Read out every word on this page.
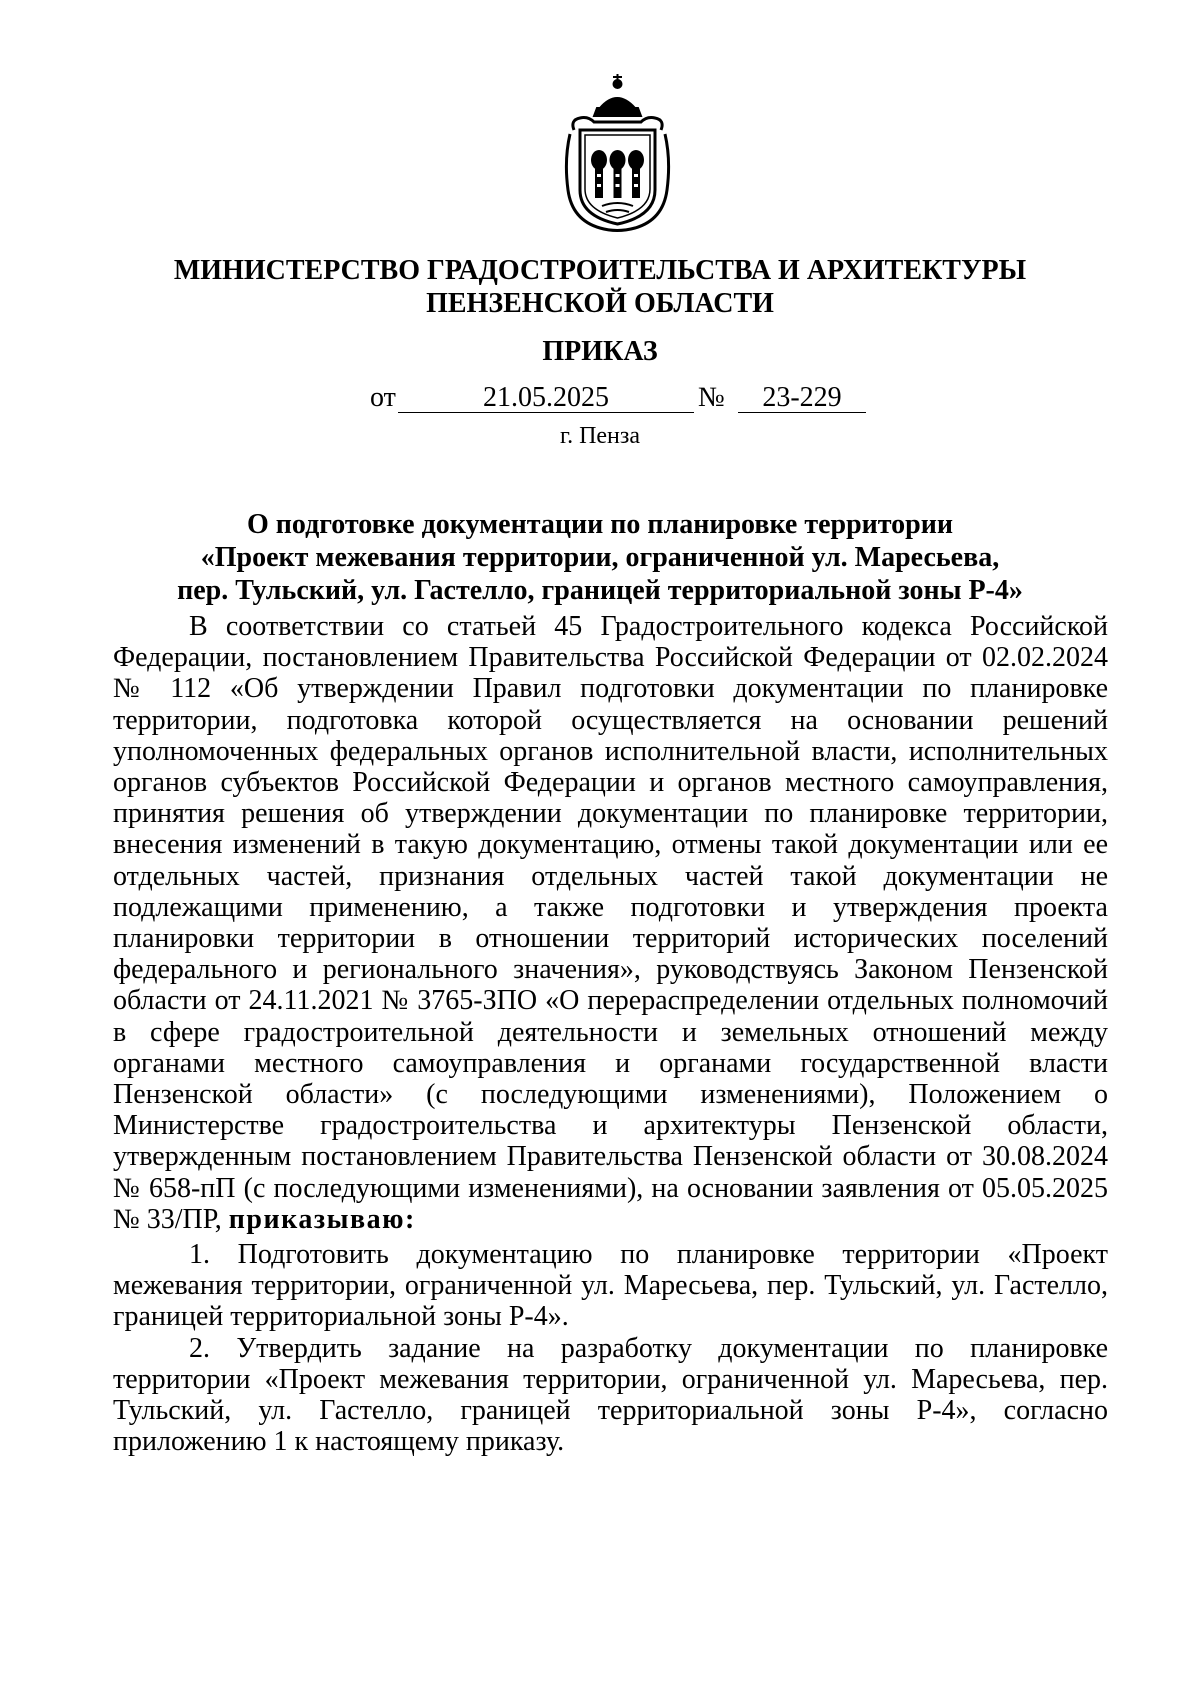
МИНИСТЕРСТВО ГРАДОСТРОИТЕЛЬСТВА И АРХИТЕКТУРЫ
ПЕНЗЕНСКОЙ ОБЛАСТИ
ПРИКАЗ
от	21.05.2025	№	23-229
г. Пенза
О подготовке документации по планировке территории
«Проект межевания территории, ограниченной ул. Маресьева,
пер. Тульский, ул. Гастелло, границей территориальной зоны Р-4»

В соответствии со статьей 45 Градостроительного кодекса Российской Федерации, постановлением Правительства Российской Федерации от 02.02.2024 № 112 «Об утверждении Правил подготовки документации по планировке территории, подготовка которой осуществляется на основании решений уполномоченных федеральных органов исполнительной власти, исполнительных органов субъектов Российской Федерации и органов местного самоуправления, принятия решения об утверждении документации по планировке территории, внесения изменений в такую документацию, отмены такой документации или ее отдельных частей, признания отдельных частей такой документации не подлежащими применению, а также подготовки и утверждения проекта планировки территории в отношении территорий исторических поселений федерального и регионального значения», руководствуясь Законом Пензенской области от 24.11.2021 № 3765-ЗПО «О перераспределении отдельных полномочий в сфере градостроительной деятельности и земельных отношений между органами местного самоуправления и органами государственной власти Пензенской области» (с последующими изменениями), Положением о Министерстве градостроительства и архитектуры Пензенской области, утвержденным постановлением Правительства Пензенской области от 30.08.2024 № 658-пП (с последующими изменениями), на основании заявления от 05.05.2025 № 33/ПР, приказываю:

1. Подготовить документацию по планировке территории «Проект межевания территории, ограниченной ул. Маресьева, пер. Тульский, ул. Гастелло, границей территориальной зоны Р-4».

2. Утвердить задание на разработку документации по планировке территории «Проект межевания территории, ограниченной ул. Маресьева, пер. Тульский, ул. Гастелло, границей территориальной зоны Р-4», согласно приложению 1 к настоящему приказу.
